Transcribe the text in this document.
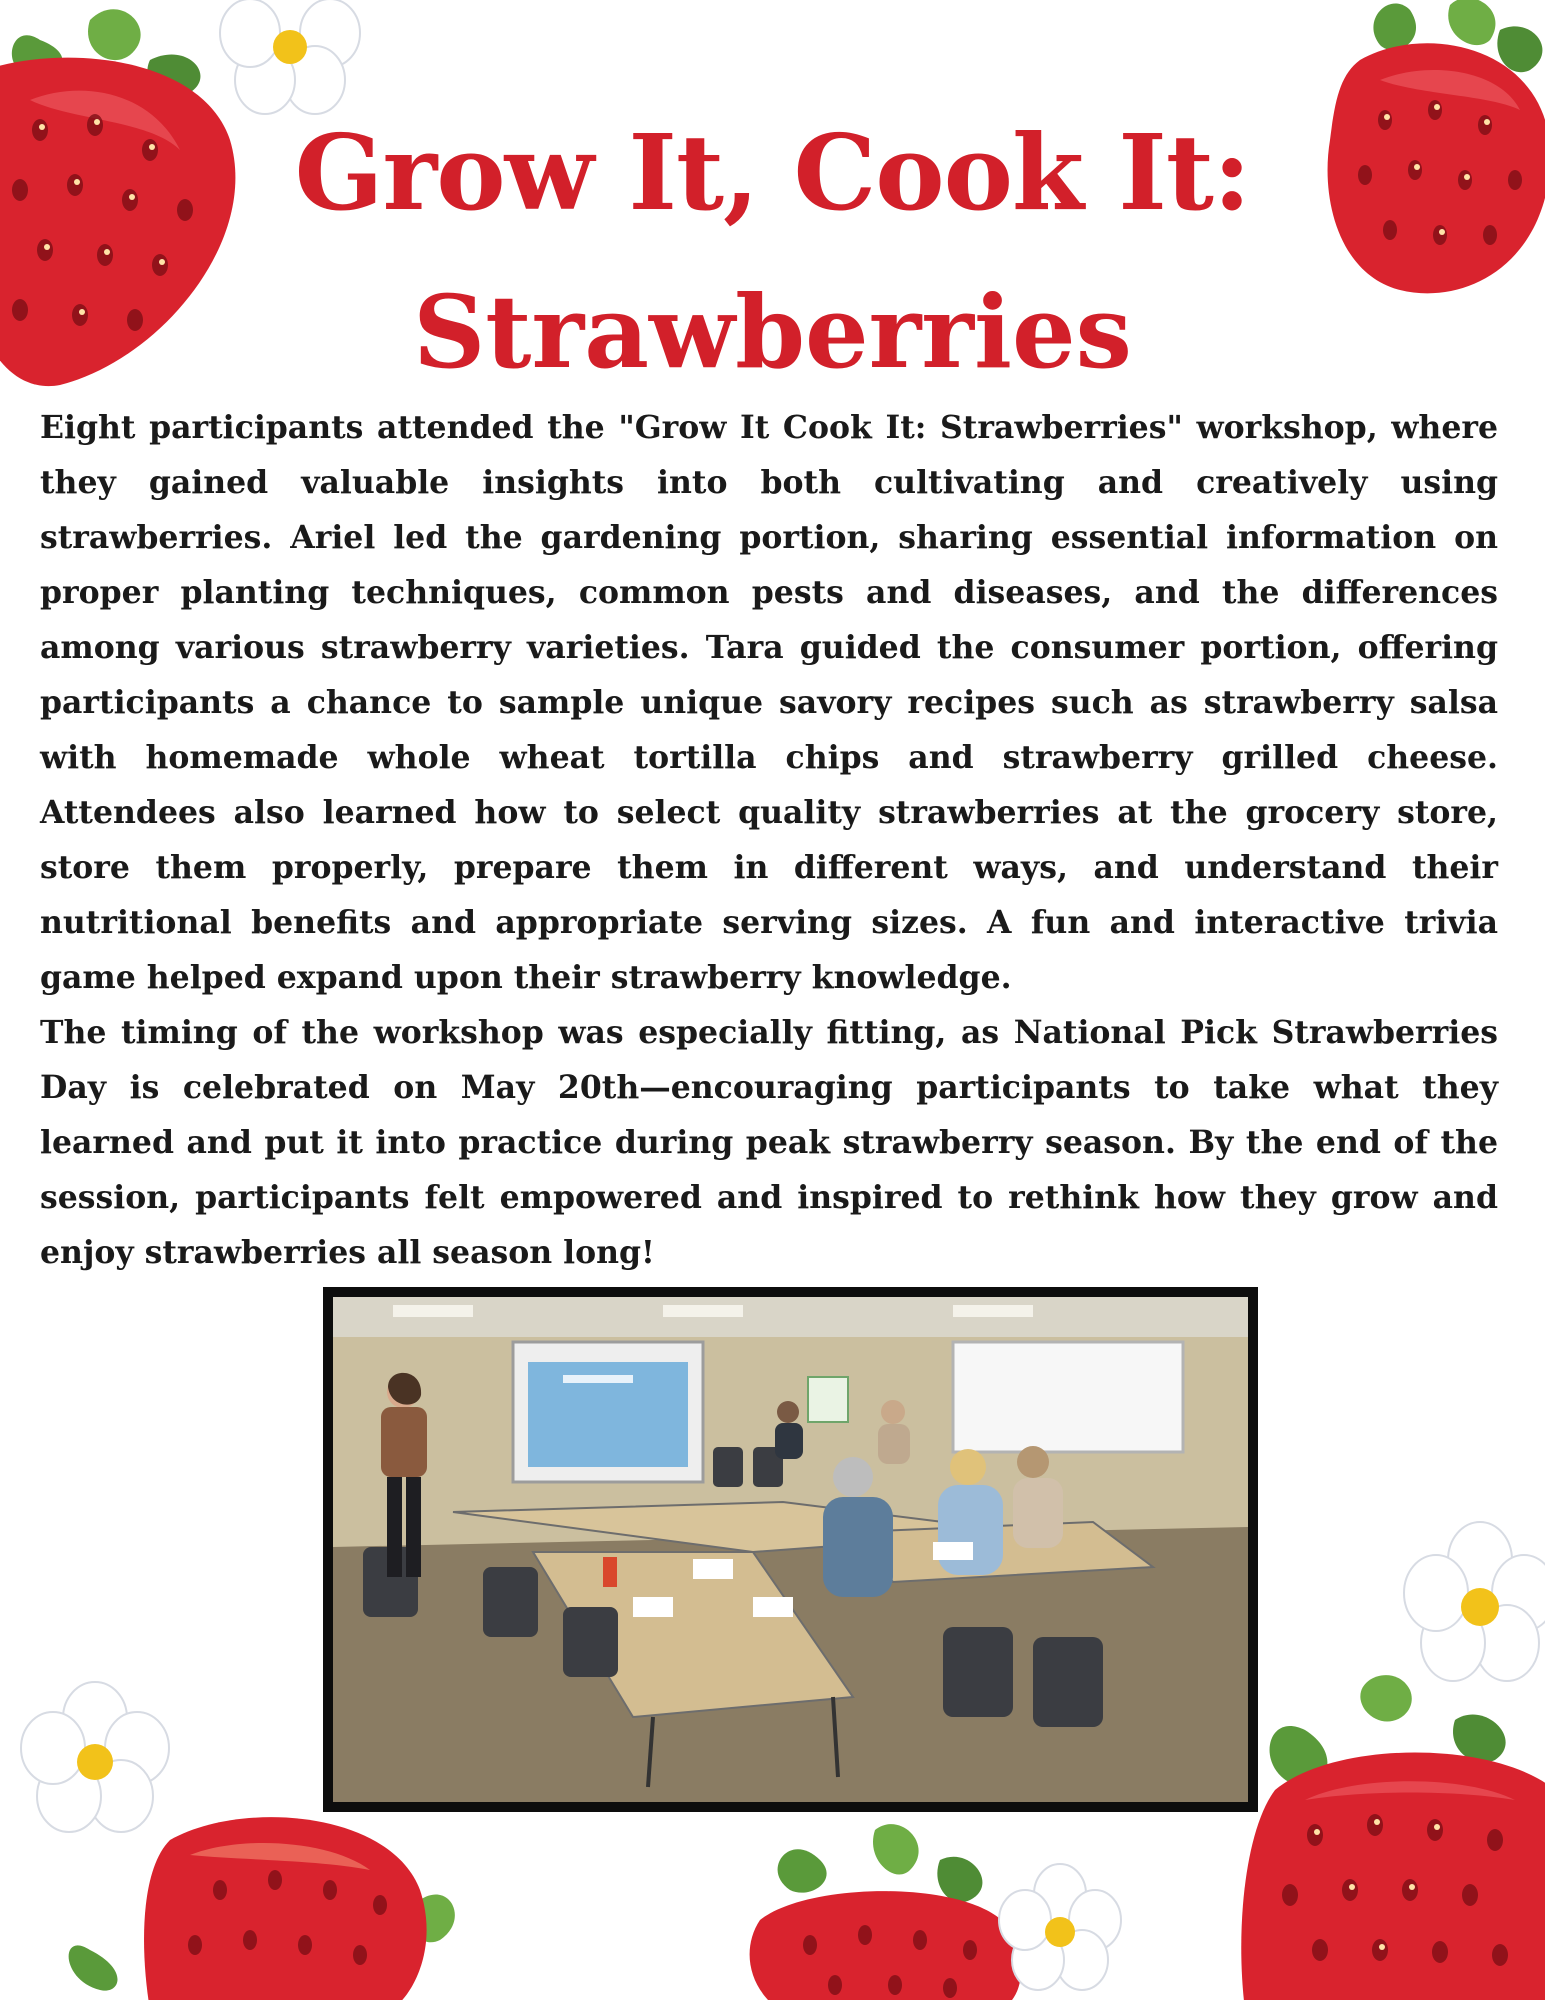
Grow It, Cook It:
Strawberries

Eight participants attended the "Grow It Cook It: Strawberries" workshop, where they gained valuable insights into both cultivating and creatively using strawberries. Ariel led the gardening portion, sharing essential information on proper planting techniques, common pests and diseases, and the differences among various strawberry varieties. Tara guided the consumer portion, offering participants a chance to sample unique savory recipes such as strawberry salsa with homemade whole wheat tortilla chips and strawberry grilled cheese. Attendees also learned how to select quality strawberries at the grocery store, store them properly, prepare them in different ways, and understand their nutritional benefits and appropriate serving sizes. A fun and interactive trivia game helped expand upon their strawberry knowledge.

The timing of the workshop was especially fitting, as National Pick Strawberries Day is celebrated on May 20th—encouraging participants to take what they learned and put it into practice during peak strawberry season. By the end of the session, participants felt empowered and inspired to rethink how they grow and enjoy strawberries all season long!
